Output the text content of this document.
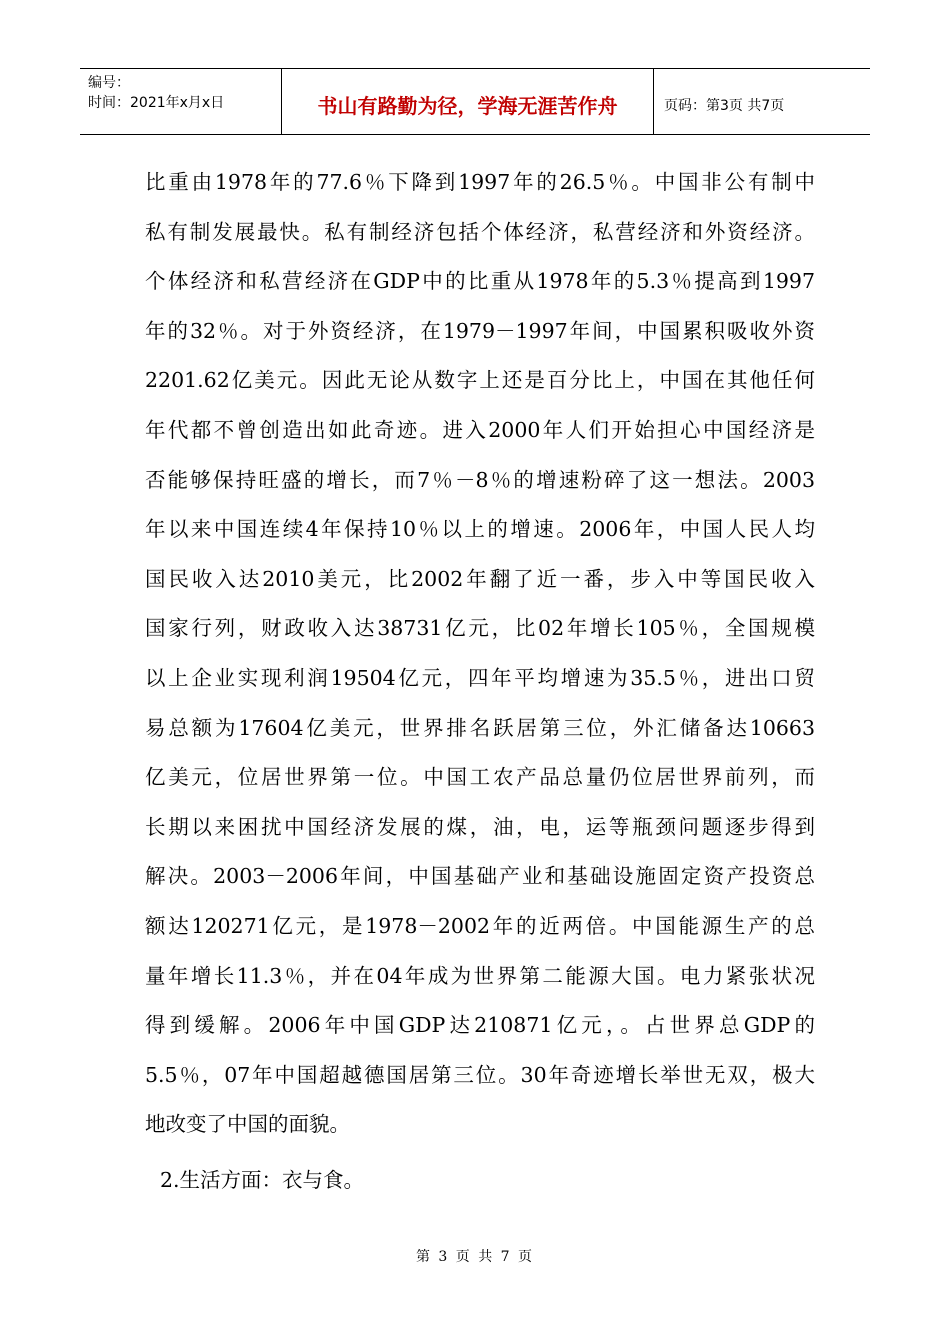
编号：
时间：2021年x月x日	书山有路勤为径，学海无涯苦作舟	页码：第3页 共7页
比重由1978年的77.6％下降到1997年的26.5％。中国非公有制中
私有制发展最快。私有制经济包括个体经济，私营经济和外资经济。
个体经济和私营经济在GDP中的比重从1978年的5.3％提高到1997
年的32％。对于外资经济，在1979－1997年间，中国累积吸收外资
2201.62亿美元。因此无论从数字上还是百分比上，中国在其他任何
年代都不曾创造出如此奇迹。进入2000年人们开始担心中国经济是
否能够保持旺盛的增长，而7％－8％的增速粉碎了这一想法。2003
年以来中国连续4年保持10％以上的增速。2006年，中国人民人均
国民收入达2010美元，比2002年翻了近一番，步入中等国民收入
国家行列，财政收入达38731亿元，比02年增长105％，全国规模
以上企业实现利润19504亿元，四年平均增速为35.5％，进出口贸
易总额为17604亿美元，世界排名跃居第三位，外汇储备达10663
亿美元，位居世界第一位。中国工农产品总量仍位居世界前列，而
长期以来困扰中国经济发展的煤，油，电，运等瓶颈问题逐步得到
解决。2003－2006年间，中国基础产业和基础设施固定资产投资总
额达120271亿元，是1978－2002年的近两倍。中国能源生产的总
量年增长11.3％，并在04年成为世界第二能源大国。电力紧张状况
得到缓解。2006年中国GDP达210871亿元，。占世界总GDP的
5.5％，07年中国超越德国居第三位。30年奇迹增长举世无双，极大
地改变了中国的面貌。
2.生活方面：衣与食。
第 3 页 共 7 页
